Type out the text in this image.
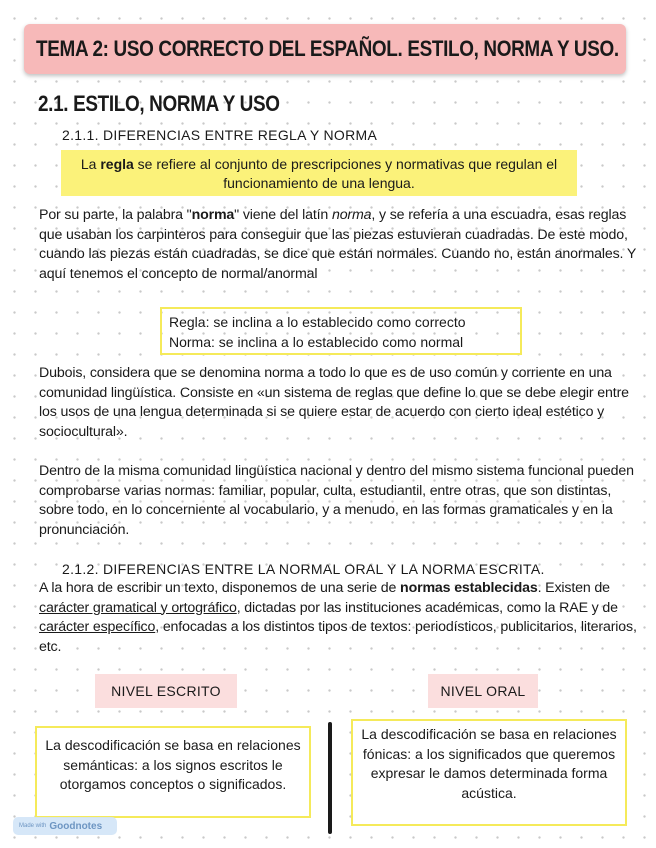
TEMA 2: USO CORRECTO DEL ESPAÑOL. ESTILO, NORMA Y USO.
2.1. ESTILO, NORMA Y USO
2.1.1. DIFERENCIAS ENTRE REGLA Y NORMA
La regla se refiere al conjunto de prescripciones y normativas que regulan el funcionamiento de una lengua.
Por su parte, la palabra "norma" viene del latín norma, y se refería a una escuadra, esas reglas que usaban los carpinteros para conseguir que las piezas estuvieran cuadradas. De este modo, cuando las piezas están cuadradas, se dice que están normales. Cuando no, están anormales. Y aquí tenemos el concepto de normal/anormal
Regla: se inclina a lo establecido como correcto
Norma: se inclina a lo establecido como normal
Dubois, considera que se denomina norma a todo lo que es de uso común y corriente en una comunidad lingüística. Consiste en «un sistema de reglas que define lo que se debe elegir entre los usos de una lengua determinada si se quiere estar de acuerdo con cierto ideal estético y sociocultural».
Dentro de la misma comunidad lingüística nacional y dentro del mismo sistema funcional pueden comprobarse varias normas: familiar, popular, culta, estudiantil, entre otras, que son distintas, sobre todo, en lo concerniente al vocabulario, y a menudo, en las formas gramaticales y en la pronunciación.
2.1.2. DIFERENCIAS ENTRE LA NORMAL ORAL Y LA NORMA ESCRITA.
A la hora de escribir un texto, disponemos de una serie de normas establecidas. Existen de carácter gramatical y ortográfico, dictadas por las instituciones académicas, como la RAE y de carácter específico, enfocadas a los distintos tipos de textos: periodísticos, publicitarios, literarios, etc.
NIVEL ESCRITO	NIVEL ORAL
La descodificación se basa en relaciones semánticas: a los signos escritos le otorgamos conceptos o significados.
La descodificación se basa en relaciones fónicas: a los significados que queremos expresar le damos determinada forma acústica.
Made with Goodnotes
